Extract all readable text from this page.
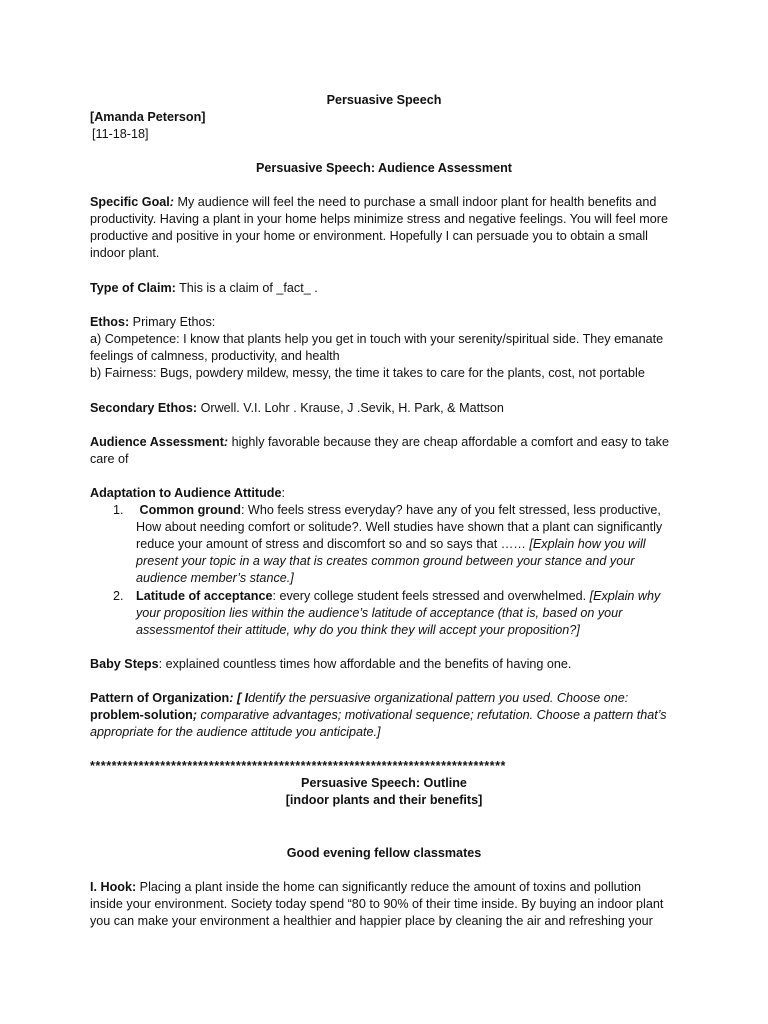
Persuasive Speech
[Amanda Peterson]
[11-18-18]
Persuasive Speech: Audience Assessment
Specific Goal: My audience will feel the need to purchase a small indoor plant for health benefits and
productivity. Having a plant in your home helps minimize stress and negative feelings. You will feel more
productive and positive in your home or environment. Hopefully I can persuade you to obtain a small
indoor plant.
Type of Claim: This is a claim of _fact_ .
Ethos: Primary Ethos:
a) Competence: I know that plants help you get in touch with your serenity/spiritual side. They emanate
feelings of calmness, productivity, and health
b) Fairness: Bugs, powdery mildew, messy, the time it takes to care for the plants, cost, not portable
Secondary Ethos: Orwell. V.I. Lohr . Krause, J .Sevik, H. Park, & Mattson
Audience Assessment: highly favorable because they are cheap affordable a comfort and easy to take
care of
Adaptation to Audience Attitude:
1. Common ground: Who feels stress everyday? have any of you felt stressed, less productive,
How about needing comfort or solitude?. Well studies have shown that a plant can significantly
reduce your amount of stress and discomfort so and so says that …… [Explain how you will
present your topic in a way that is creates common ground between your stance and your
audience member’s stance.]
2. Latitude of acceptance: every college student feels stressed and overwhelmed. [Explain why
your proposition lies within the audience’s latitude of acceptance (that is, based on your
assessmentof their attitude, why do you think they will accept your proposition?]
Baby Steps: explained countless times how affordable and the benefits of having one.
Pattern of Organization: [ Identify the persuasive organizational pattern you used. Choose one:
problem-solution; comparative advantages; motivational sequence; refutation. Choose a pattern that’s
appropriate for the audience attitude you anticipate.]
*****************************************************************************
Persuasive Speech: Outline
[indoor plants and their benefits]
Good evening fellow classmates
I. Hook: Placing a plant inside the home can significantly reduce the amount of toxins and pollution
inside your environment. Society today spend “80 to 90% of their time inside. By buying an indoor plant
you can make your environment a healthier and happier place by cleaning the air and refreshing your
